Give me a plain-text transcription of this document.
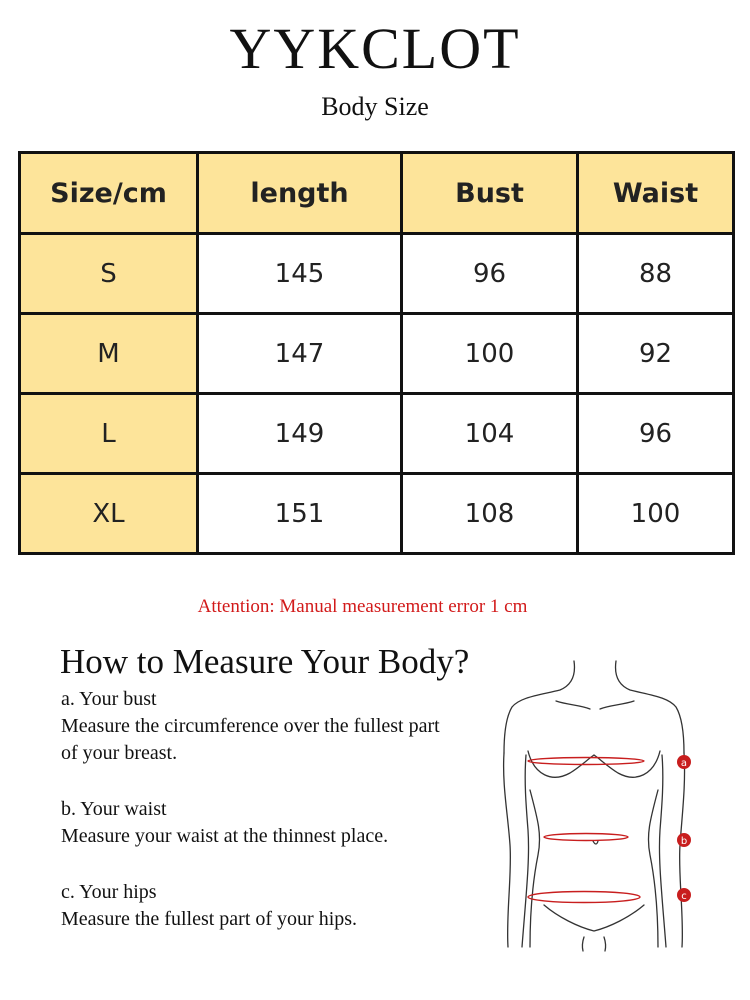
YYKCLOT
Body Size
Size/cm	length	Bust	Waist
S	145	96	88
M	147	100	92
L	149	104	96
XL	151	108	100
Attention: Manual measurement error 1 cm
How to Measure Your Body?
a. Your bust
Measure the circumference over the fullest part
of your breast.
b. Your waist
Measure your waist at the thinnest place.
c. Your hips
Measure the fullest part of your hips.
a
b
c
